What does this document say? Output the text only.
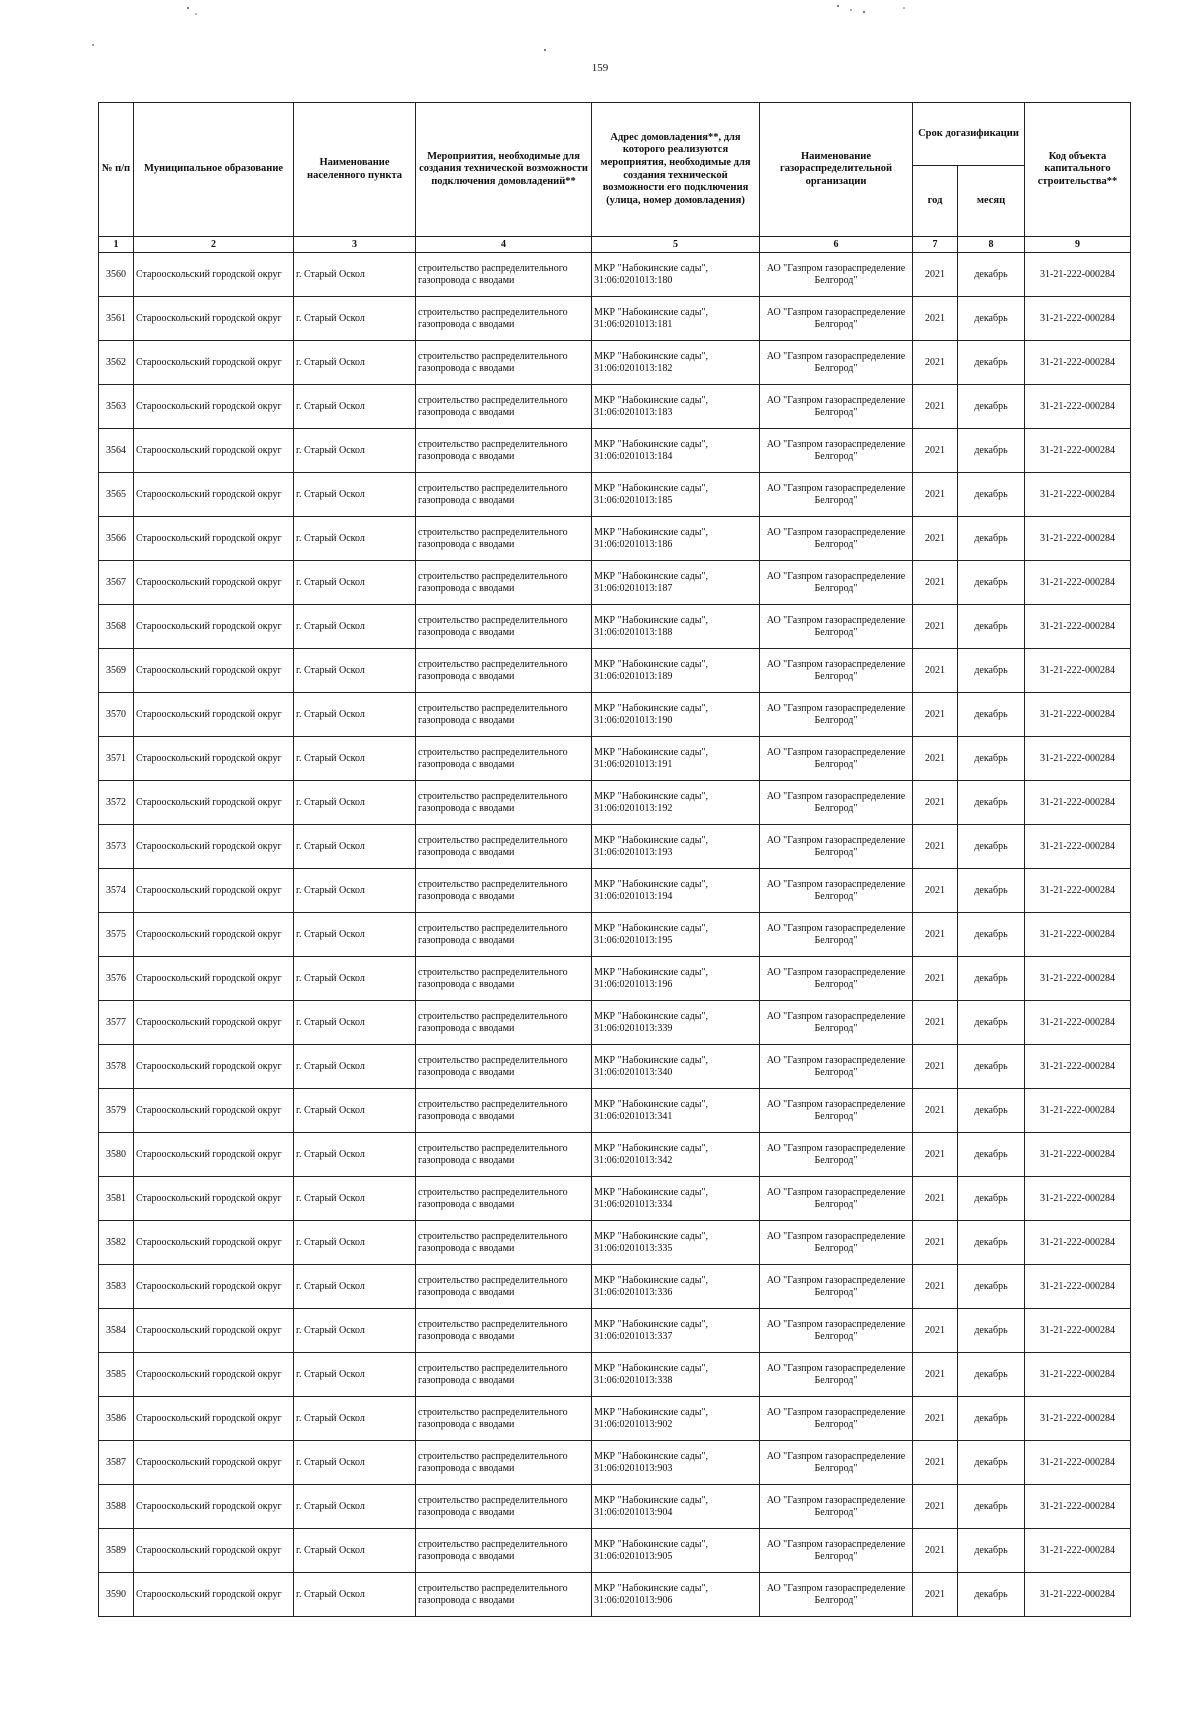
159
№ п/п	Муниципальное образование	Наименование населенного пункта	Мероприятия, необходимые для создания технической возможности подключения домовладений**	Адрес домовладения**, для которого реализуются мероприятия, необходимые для создания технической возможности его подключения (улица, номер домовладения)	Наименование газораспределительной организации	Срок догазификации		Код объекта капитального строительства**
						год	месяц	
1	2	3	4	5	6	7	8	9
3560	Старооскольский городской округ	г. Старый Оскол	строительство распределительного газопровода с вводами	МКР "Набокинские сады", 31:06:0201013:180	АО "Газпром газораспределение Белгород"	2021	декабрь	31-21-222-000284
3561	Старооскольский городской округ	г. Старый Оскол	строительство распределительного газопровода с вводами	МКР "Набокинские сады", 31:06:0201013:181	АО "Газпром газораспределение Белгород"	2021	декабрь	31-21-222-000284
3562	Старооскольский городской округ	г. Старый Оскол	строительство распределительного газопровода с вводами	МКР "Набокинские сады", 31:06:0201013:182	АО "Газпром газораспределение Белгород"	2021	декабрь	31-21-222-000284
3563	Старооскольский городской округ	г. Старый Оскол	строительство распределительного газопровода с вводами	МКР "Набокинские сады", 31:06:0201013:183	АО "Газпром газораспределение Белгород"	2021	декабрь	31-21-222-000284
3564	Старооскольский городской округ	г. Старый Оскол	строительство распределительного газопровода с вводами	МКР "Набокинские сады", 31:06:0201013:184	АО "Газпром газораспределение Белгород"	2021	декабрь	31-21-222-000284
3565	Старооскольский городской округ	г. Старый Оскол	строительство распределительного газопровода с вводами	МКР "Набокинские сады", 31:06:0201013:185	АО "Газпром газораспределение Белгород"	2021	декабрь	31-21-222-000284
3566	Старооскольский городской округ	г. Старый Оскол	строительство распределительного газопровода с вводами	МКР "Набокинские сады", 31:06:0201013:186	АО "Газпром газораспределение Белгород"	2021	декабрь	31-21-222-000284
3567	Старооскольский городской округ	г. Старый Оскол	строительство распределительного газопровода с вводами	МКР "Набокинские сады", 31:06:0201013:187	АО "Газпром газораспределение Белгород"	2021	декабрь	31-21-222-000284
3568	Старооскольский городской округ	г. Старый Оскол	строительство распределительного газопровода с вводами	МКР "Набокинские сады", 31:06:0201013:188	АО "Газпром газораспределение Белгород"	2021	декабрь	31-21-222-000284
3569	Старооскольский городской округ	г. Старый Оскол	строительство распределительного газопровода с вводами	МКР "Набокинские сады", 31:06:0201013:189	АО "Газпром газораспределение Белгород"	2021	декабрь	31-21-222-000284
3570	Старооскольский городской округ	г. Старый Оскол	строительство распределительного газопровода с вводами	МКР "Набокинские сады", 31:06:0201013:190	АО "Газпром газораспределение Белгород"	2021	декабрь	31-21-222-000284
3571	Старооскольский городской округ	г. Старый Оскол	строительство распределительного газопровода с вводами	МКР "Набокинские сады", 31:06:0201013:191	АО "Газпром газораспределение Белгород"	2021	декабрь	31-21-222-000284
3572	Старооскольский городской округ	г. Старый Оскол	строительство распределительного газопровода с вводами	МКР "Набокинские сады", 31:06:0201013:192	АО "Газпром газораспределение Белгород"	2021	декабрь	31-21-222-000284
3573	Старооскольский городской округ	г. Старый Оскол	строительство распределительного газопровода с вводами	МКР "Набокинские сады", 31:06:0201013:193	АО "Газпром газораспределение Белгород"	2021	декабрь	31-21-222-000284
3574	Старооскольский городской округ	г. Старый Оскол	строительство распределительного газопровода с вводами	МКР "Набокинские сады", 31:06:0201013:194	АО "Газпром газораспределение Белгород"	2021	декабрь	31-21-222-000284
3575	Старооскольский городской округ	г. Старый Оскол	строительство распределительного газопровода с вводами	МКР "Набокинские сады", 31:06:0201013:195	АО "Газпром газораспределение Белгород"	2021	декабрь	31-21-222-000284
3576	Старооскольский городской округ	г. Старый Оскол	строительство распределительного газопровода с вводами	МКР "Набокинские сады", 31:06:0201013:196	АО "Газпром газораспределение Белгород"	2021	декабрь	31-21-222-000284
3577	Старооскольский городской округ	г. Старый Оскол	строительство распределительного газопровода с вводами	МКР "Набокинские сады", 31:06:0201013:339	АО "Газпром газораспределение Белгород"	2021	декабрь	31-21-222-000284
3578	Старооскольский городской округ	г. Старый Оскол	строительство распределительного газопровода с вводами	МКР "Набокинские сады", 31:06:0201013:340	АО "Газпром газораспределение Белгород"	2021	декабрь	31-21-222-000284
3579	Старооскольский городской округ	г. Старый Оскол	строительство распределительного газопровода с вводами	МКР "Набокинские сады", 31:06:0201013:341	АО "Газпром газораспределение Белгород"	2021	декабрь	31-21-222-000284
3580	Старооскольский городской округ	г. Старый Оскол	строительство распределительного газопровода с вводами	МКР "Набокинские сады", 31:06:0201013:342	АО "Газпром газораспределение Белгород"	2021	декабрь	31-21-222-000284
3581	Старооскольский городской округ	г. Старый Оскол	строительство распределительного газопровода с вводами	МКР "Набокинские сады", 31:06:0201013:334	АО "Газпром газораспределение Белгород"	2021	декабрь	31-21-222-000284
3582	Старооскольский городской округ	г. Старый Оскол	строительство распределительного газопровода с вводами	МКР "Набокинские сады", 31:06:0201013:335	АО "Газпром газораспределение Белгород"	2021	декабрь	31-21-222-000284
3583	Старооскольский городской округ	г. Старый Оскол	строительство распределительного газопровода с вводами	МКР "Набокинские сады", 31:06:0201013:336	АО "Газпром газораспределение Белгород"	2021	декабрь	31-21-222-000284
3584	Старооскольский городской округ	г. Старый Оскол	строительство распределительного газопровода с вводами	МКР "Набокинские сады", 31:06:0201013:337	АО "Газпром газораспределение Белгород"	2021	декабрь	31-21-222-000284
3585	Старооскольский городской округ	г. Старый Оскол	строительство распределительного газопровода с вводами	МКР "Набокинские сады", 31:06:0201013:338	АО "Газпром газораспределение Белгород"	2021	декабрь	31-21-222-000284
3586	Старооскольский городской округ	г. Старый Оскол	строительство распределительного газопровода с вводами	МКР "Набокинские сады", 31:06:0201013:902	АО "Газпром газораспределение Белгород"	2021	декабрь	31-21-222-000284
3587	Старооскольский городской округ	г. Старый Оскол	строительство распределительного газопровода с вводами	МКР "Набокинские сады", 31:06:0201013:903	АО "Газпром газораспределение Белгород"	2021	декабрь	31-21-222-000284
3588	Старооскольский городской округ	г. Старый Оскол	строительство распределительного газопровода с вводами	МКР "Набокинские сады", 31:06:0201013:904	АО "Газпром газораспределение Белгород"	2021	декабрь	31-21-222-000284
3589	Старооскольский городской округ	г. Старый Оскол	строительство распределительного газопровода с вводами	МКР "Набокинские сады", 31:06:0201013:905	АО "Газпром газораспределение Белгород"	2021	декабрь	31-21-222-000284
3590	Старооскольский городской округ	г. Старый Оскол	строительство распределительного газопровода с вводами	МКР "Набокинские сады", 31:06:0201013:906	АО "Газпром газораспределение Белгород"	2021	декабрь	31-21-222-000284
